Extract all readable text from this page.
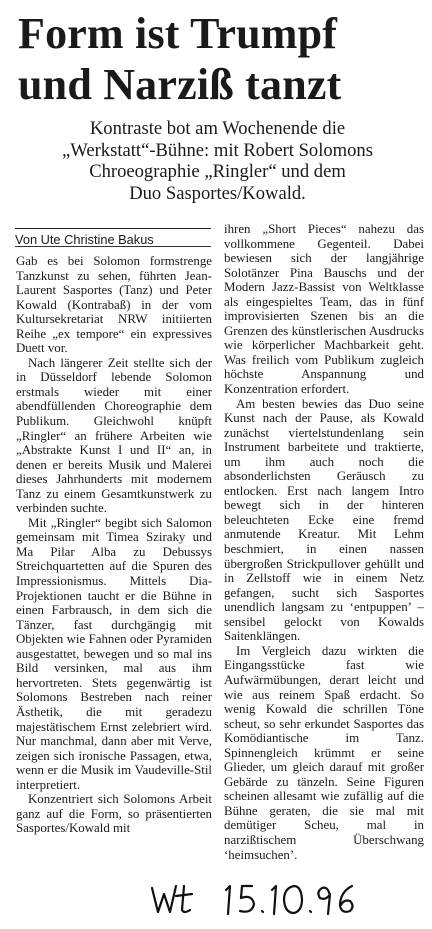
Form ist Trumpf
und Narziß tanzt
Kontraste bot am Wochenende die
„Werkstatt“-Bühne: mit Robert Solomons
Chroeographie „Ringler“ und dem
Duo Sasportes/Kowald.
Von Ute Christine Bakus

Gab es bei Solomon formstrenge Tanzkunst zu sehen, führten Jean-Laurent Sasportes (Tanz) und Peter Kowald (Kontrabaß) in der vom Kultursekretariat NRW initiierten Reihe „ex tempore“ ein expressives Duett vor.

Nach längerer Zeit stellte sich der in Düsseldorf lebende Solomon erstmals wieder mit einer abendfüllenden Choreographie dem Publikum. Gleichwohl knüpft „Ringler“ an frühere Arbeiten wie „Abstrakte Kunst I und II“ an, in denen er bereits Musik und Malerei dieses Jahrhunderts mit modernem Tanz zu einem Gesamtkunstwerk zu verbinden suchte.

Mit „Ringler“ begibt sich Salomon gemeinsam mit Timea Sziraky und Ma Pilar Alba zu Debussys Streichquartetten auf die Spuren des Impressionismus. Mittels Dia-Projektionen taucht er die Bühne in einen Farbrausch, in dem sich die Tänzer, fast durchgängig mit Objekten wie Fahnen oder Pyramiden ausgestattet, bewegen und so mal ins Bild versinken, mal aus ihm hervortreten. Stets gegenwärtig ist Solomons Bestreben nach reiner Ästhetik, die mit geradezu majestätischem Ernst zelebriert wird. Nur manchmal, dann aber mit Verve, zeigen sich ironische Passagen, etwa, wenn er die Musik im Vaudeville-Stil interpretiert.

Konzentriert sich Solomons Arbeit ganz auf die Form, so präsentierten Sasportes/Kowald mit

ihren „Short Pieces“ nahezu das vollkommene Gegenteil. Dabei bewiesen sich der langjährige Solotänzer Pina Bauschs und der Modern Jazz-Bassist von Weltklasse als eingespieltes Team, das in fünf improvisierten Szenen bis an die Grenzen des künstlerischen Ausdrucks wie körperlicher Machbarkeit geht. Was freilich vom Publikum zugleich höchste Anspannung und Konzentration erfordert.

Am besten bewies das Duo seine Kunst nach der Pause, als Kowald zunächst viertelstundenlang sein Instrument barbeitete und traktierte, um ihm auch noch die absonderlichsten Geräusch zu entlocken. Erst nach langem Intro bewegt sich in der hinteren beleuchteten Ecke eine fremd anmutende Kreatur. Mit Lehm beschmiert, in einen nassen übergroßen Strickpullover gehüllt und in Zellstoff wie in einem Netz gefangen, sucht sich Sasportes unendlich langsam zu ‘entpuppen’ – sensibel gelockt von Kowalds Saitenklängen.

Im Vergleich dazu wirkten die Eingangsstücke fast wie Aufwärmübungen, derart leicht und wie aus reinem Spaß erdacht. So wenig Kowald die schrillen Töne scheut, so sehr erkundet Sasportes das Komödiantische im Tanz. Spinnengleich krümmt er seine Glieder, um gleich darauf mit großer Gebärde zu tänzeln. Seine Figuren scheinen allesamt wie zufällig auf die Bühne geraten, die sie mal mit demütiger Scheu, mal in narzißtischem Überschwang ‘heimsuchen’.
